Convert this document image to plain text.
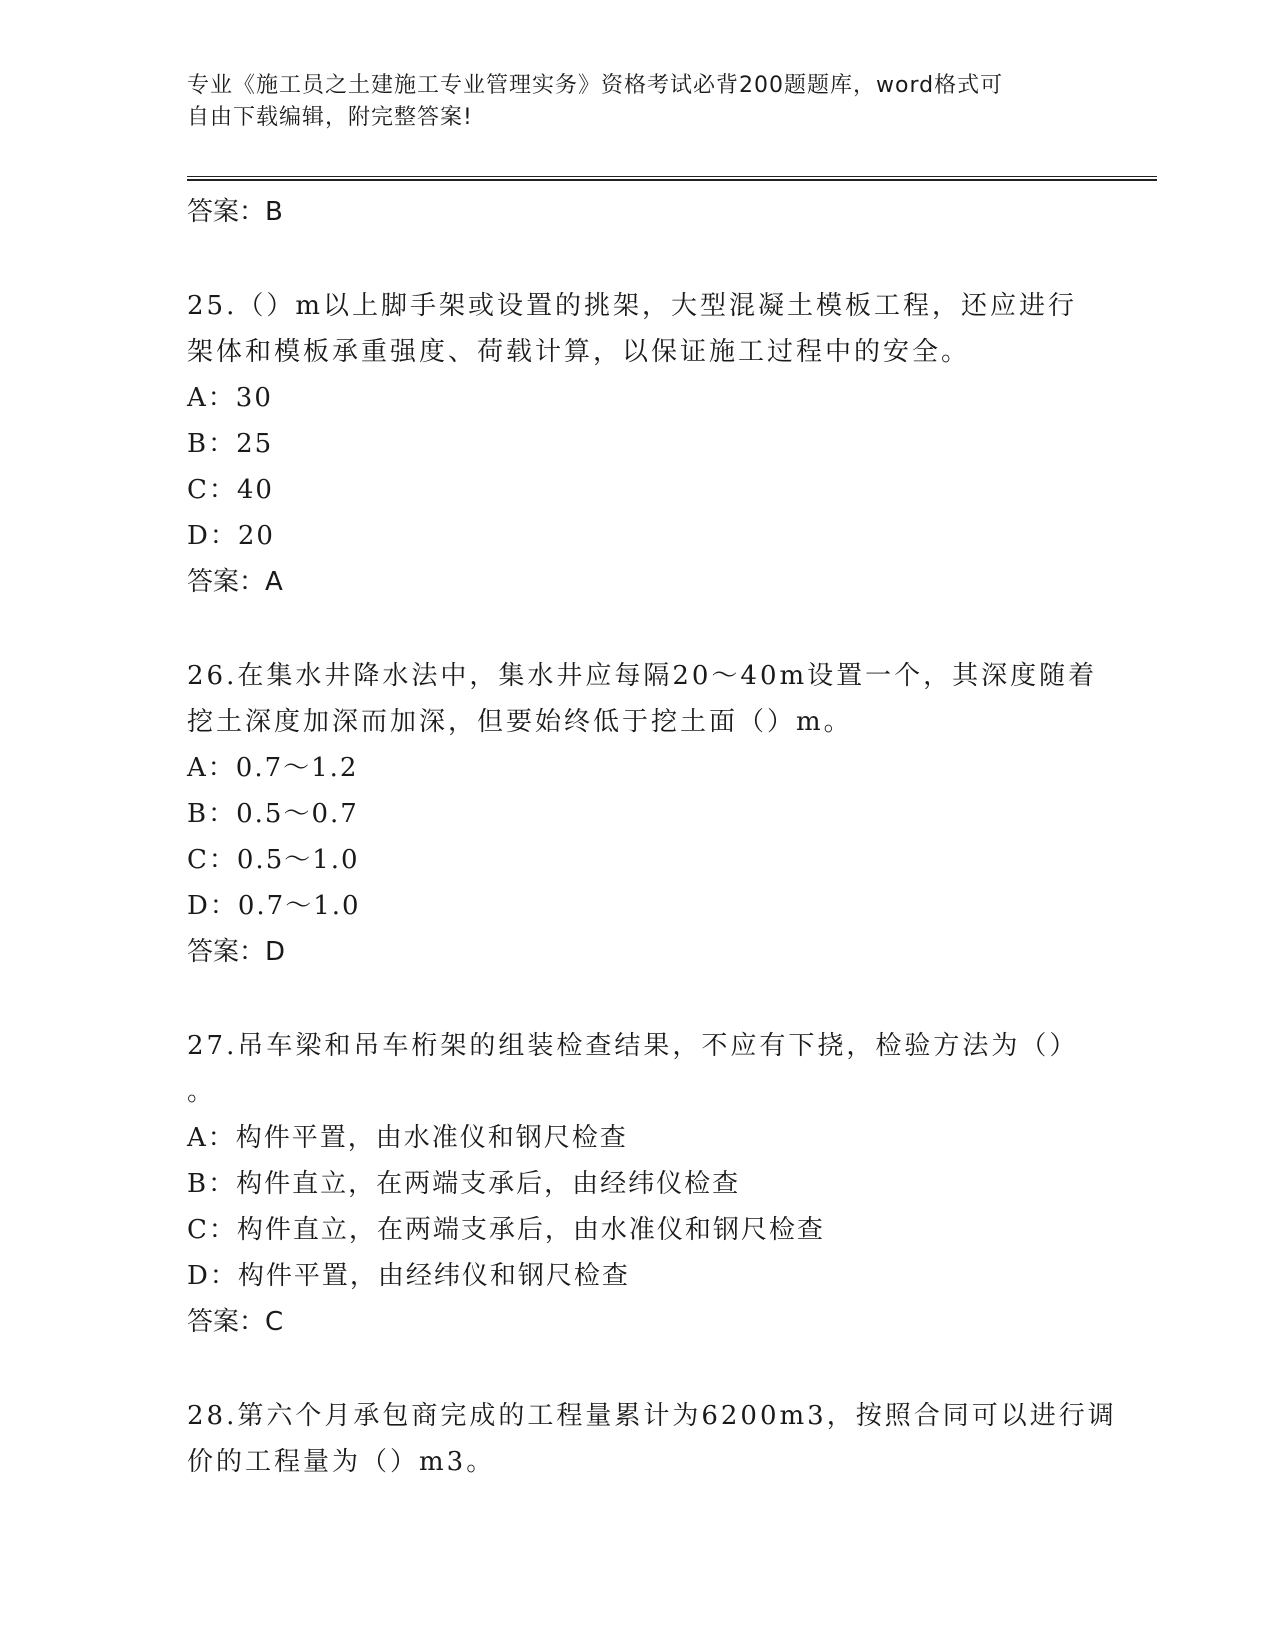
专业《施工员之土建施工专业管理实务》资格考试必背200题题库，word格式可
自由下载编辑，附完整答案!
答案：B
25.（）m以上脚手架或设置的挑架，大型混凝土模板工程，还应进行
架体和模板承重强度、荷载计算，以保证施工过程中的安全。
A：30
B：25
C：40
D：20
答案：A
26.在集水井降水法中，集水井应每隔20～40m设置一个，其深度随着
挖土深度加深而加深，但要始终低于挖土面（）m。
A：0.7～1.2
B：0.5～0.7
C：0.5～1.0
D：0.7～1.0
答案：D
27.吊车梁和吊车桁架的组装检查结果，不应有下挠，检验方法为（）
。
A：构件平置，由水准仪和钢尺检查
B：构件直立，在两端支承后，由经纬仪检查
C：构件直立，在两端支承后，由水准仪和钢尺检查
D：构件平置，由经纬仪和钢尺检查
答案：C
28.第六个月承包商完成的工程量累计为6200m3，按照合同可以进行调
价的工程量为（）m3。
